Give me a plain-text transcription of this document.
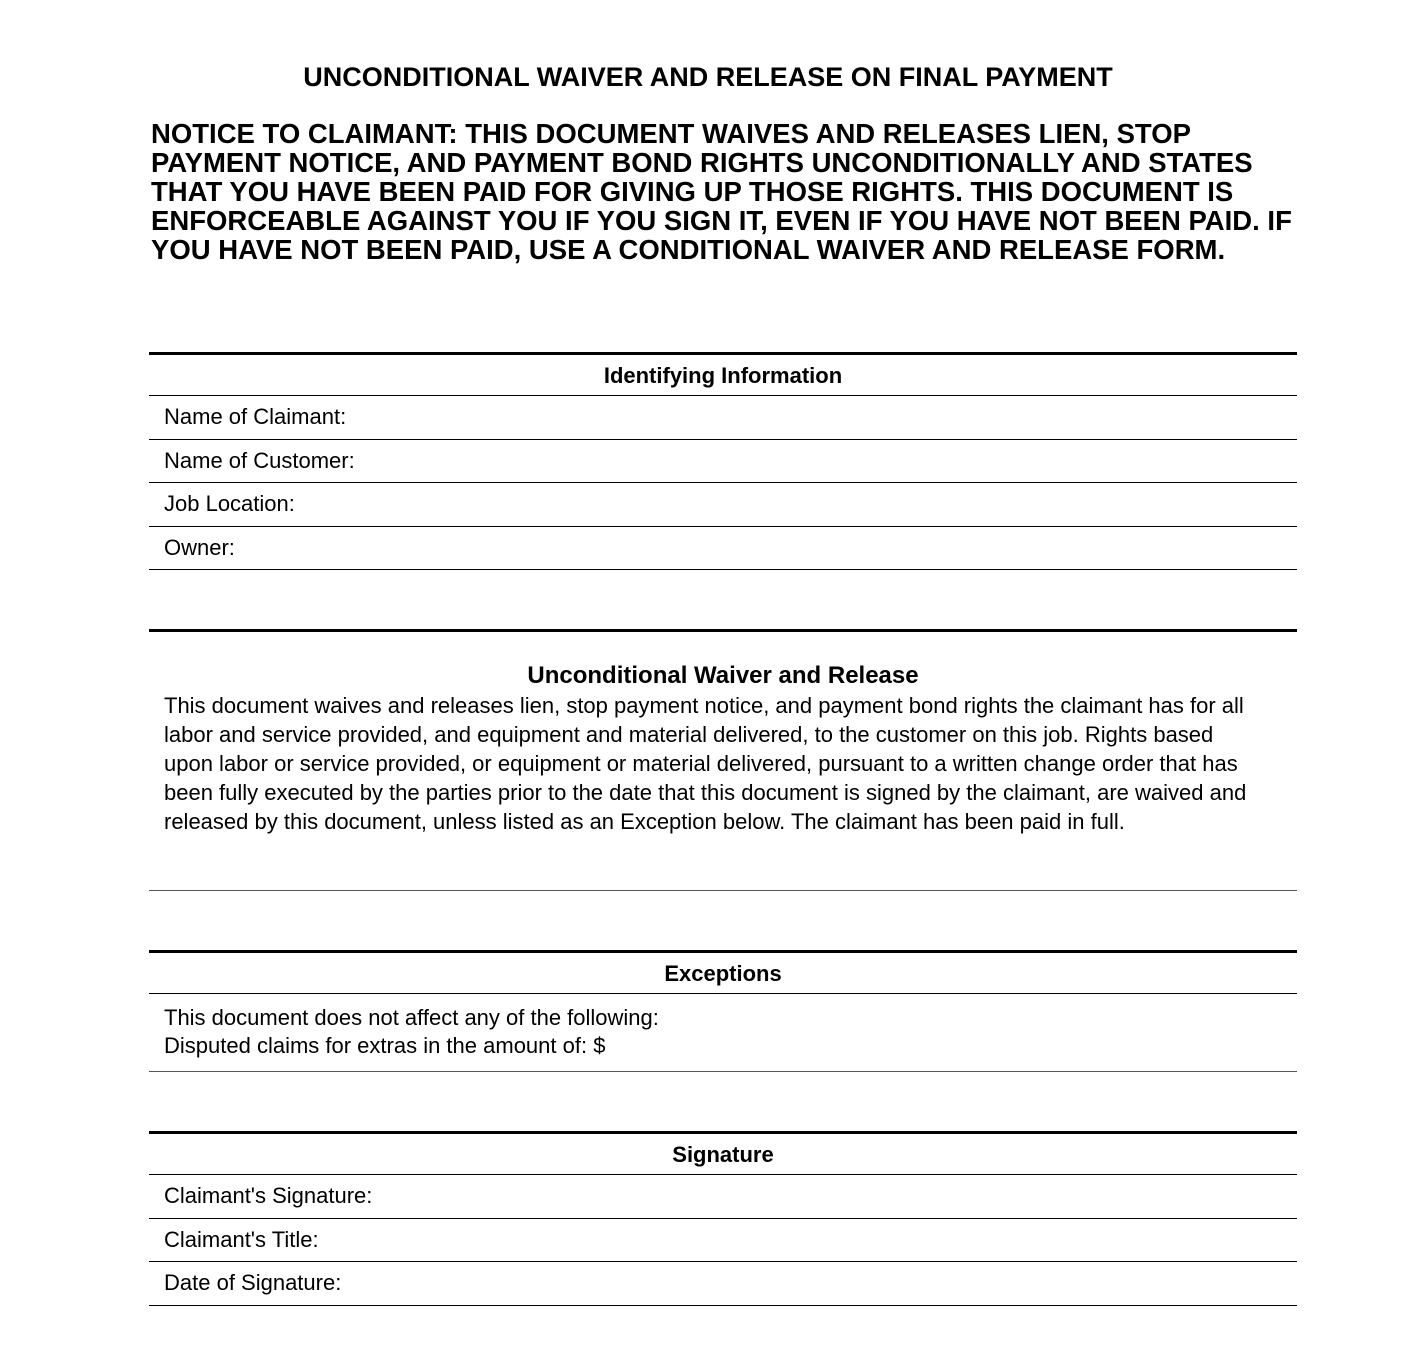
UNCONDITIONAL WAIVER AND RELEASE ON FINAL PAYMENT

NOTICE TO CLAIMANT: THIS DOCUMENT WAIVES AND RELEASES LIEN, STOP PAYMENT NOTICE, AND PAYMENT BOND RIGHTS UNCONDITIONALLY AND STATES THAT YOU HAVE BEEN PAID FOR GIVING UP THOSE RIGHTS. THIS DOCUMENT IS ENFORCEABLE AGAINST YOU IF YOU SIGN IT, EVEN IF YOU HAVE NOT BEEN PAID. IF YOU HAVE NOT BEEN PAID, USE A CONDITIONAL WAIVER AND RELEASE FORM.

Identifying Information
Name of Claimant:
Name of Customer:
Job Location:
Owner:
Unconditional Waiver and Release
This document waives and releases lien, stop payment notice, and payment bond rights the claimant has for all labor and service provided, and equipment and material delivered, to the customer on this job. Rights based upon labor or service provided, or equipment or material delivered, pursuant to a written change order that has been fully executed by the parties prior to the date that this document is signed by the claimant, are waived and released by this document, unless listed as an Exception below. The claimant has been paid in full.
Exceptions
This document does not affect any of the following:
Disputed claims for extras in the amount of: $
Signature
Claimant's Signature:
Claimant's Title:
Date of Signature:
